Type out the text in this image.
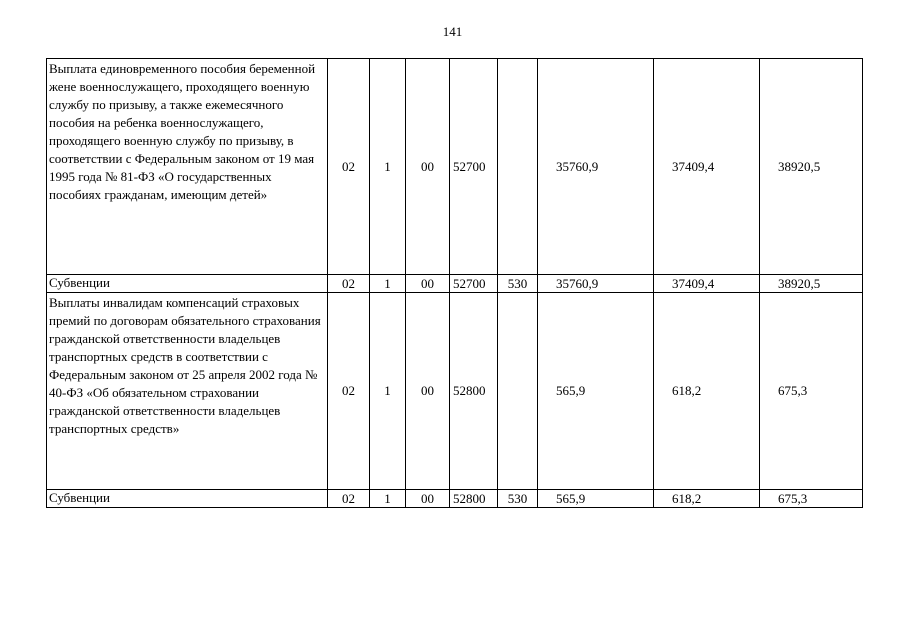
141
Выплата единовременного пособия беременной жене военнослужащего, проходящего военную службу по призыву, а также ежемесячного пособия на ребенка военнослужащего, проходящего военную службу по призыву, в соответствии с Федеральным законом от 19 мая 1995 года № 81-ФЗ «О государственных пособиях гражданам, имеющим детей»	02	1	00	52700		35760,9	37409,4	38920,5
Субвенции	02	1	00	52700	530	35760,9	37409,4	38920,5
Выплаты инвалидам компенсаций страховых премий по договорам обязательного страхования гражданской ответственности владельцев транспортных средств в соответствии с Федеральным законом от 25 апреля 2002 года № 40-ФЗ «Об обязательном страховании гражданской ответственности владельцев транспортных средств»	02	1	00	52800		565,9	618,2	675,3
Субвенции	02	1	00	52800	530	565,9	618,2	675,3
